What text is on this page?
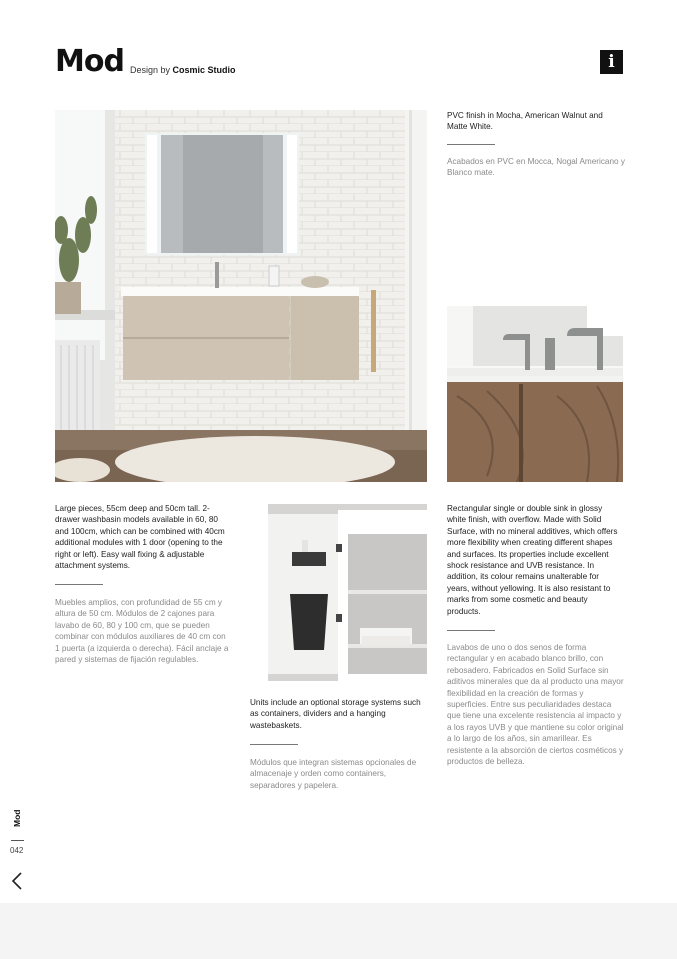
Mod Design by Cosmic Studio	i
PVC finish in Mocha, American Walnut and Matte White.
Acabados en PVC en Mocca, Nogal Americano y Blanco mate.
Large pieces, 55cm deep and 50cm tall. 2-drawer washbasin models available in 60, 80 and 100cm, which can be combined with 40cm additional modules with 1 door (opening to the right or left). Easy wall fixing & adjustable attachment systems.
Muebles amplios, con profundidad de 55 cm y altura de 50 cm. Módulos de 2 cajones para lavabo de 60, 80 y 100 cm, que se pueden combinar con módulos auxiliares de 40 cm con 1 puerta (a izquierda o derecha). Fácil anclaje a pared y sistemas de fijación regulables.
Units include an optional storage systems such as containers, dividers and a hanging wastebaskets.
Módulos que integran sistemas opcionales de almacenaje y orden como containers, separadores y papelera.
Rectangular single or double sink in glossy white finish, with overflow. Made with Solid Surface, with no mineral additives, which offers more flexibility when creating different shapes and surfaces. Its properties include excellent shock resistance and UVB resistance. In addition, its colour remains unalterable for years, without yellowing. It is also resistant to marks from some cosmetic and beauty products.
Lavabos de uno o dos senos de forma rectangular y en acabado blanco brillo, con rebosadero. Fabricados en Solid Surface sin aditivos minerales que da al producto una mayor flexibilidad en la creación de formas y superficies. Entre sus peculiaridades destaca que tiene una excelente resistencia al impacto y a los rayos UVB y que mantiene su color original a lo largo de los años, sin amarillear. Es resistente a la absorción de ciertos cosméticos y productos de belleza.
Mod
042
